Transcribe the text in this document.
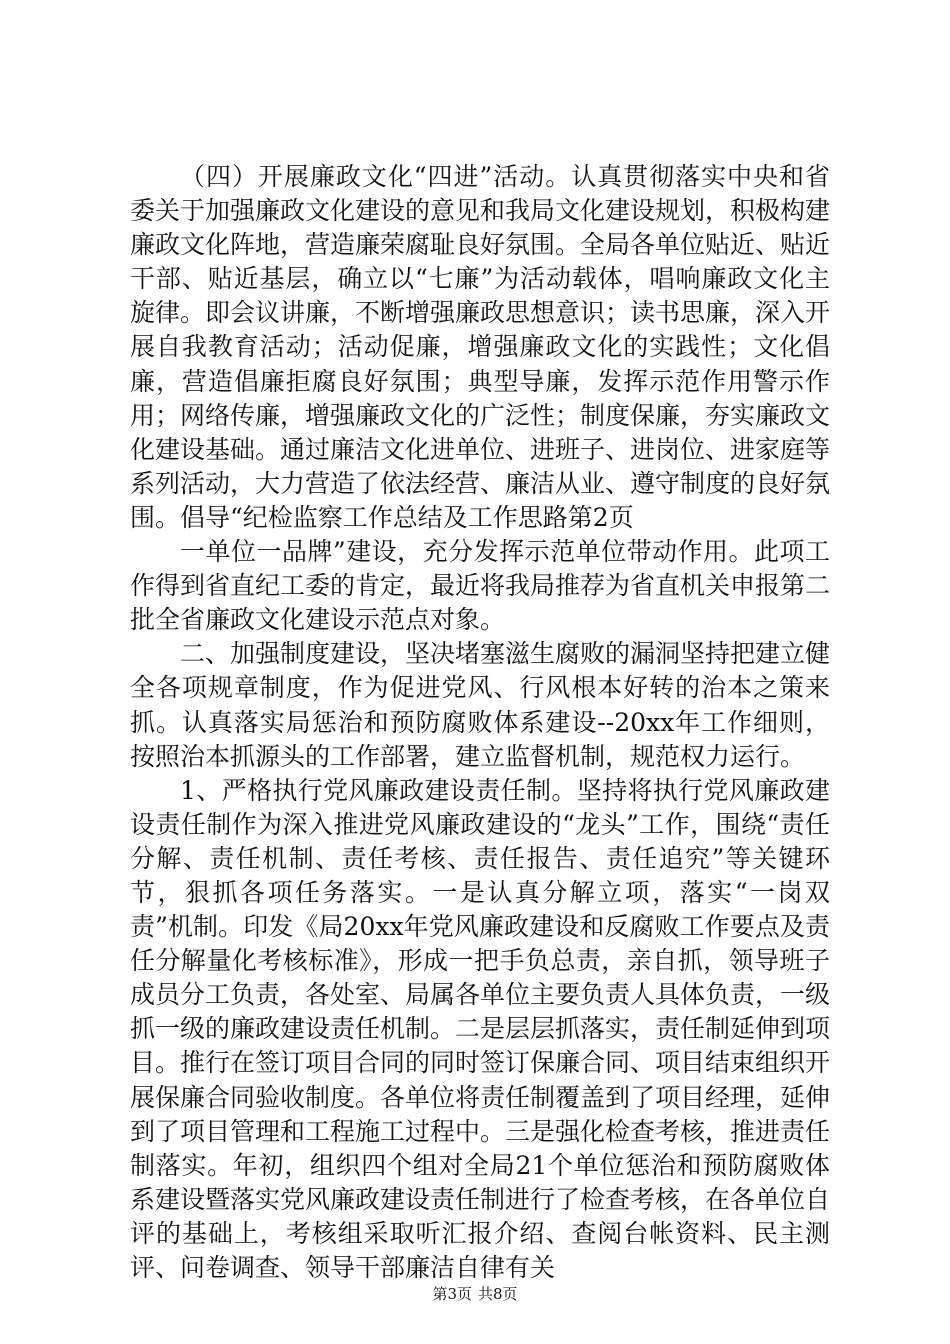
（四）开展廉政文化“四进”活动。认真贯彻落实中央和省委关于加强廉政文化建设的意见和我局文化建设规划，积极构建廉政文化阵地，营造廉荣腐耻良好氛围。全局各单位贴近、贴近干部、贴近基层，确立以“七廉”为活动载体，唱响廉政文化主旋律。即会议讲廉，不断增强廉政思想意识；读书思廉，深入开展自我教育活动；活动促廉，增强廉政文化的实践性；文化倡廉，营造倡廉拒腐良好氛围；典型导廉，发挥示范作用警示作用；网络传廉，增强廉政文化的广泛性；制度保廉，夯实廉政文化建设基础。通过廉洁文化进单位、进班子、进岗位、进家庭等系列活动，大力营造了依法经营、廉洁从业、遵守制度的良好氛围。倡导“纪检监察工作总结及工作思路第2页

一单位一品牌”建设，充分发挥示范单位带动作用。此项工作得到省直纪工委的肯定，最近将我局推荐为省直机关申报第二批全省廉政文化建设示范点对象。

二、加强制度建设，坚决堵塞滋生腐败的漏洞坚持把建立健全各项规章制度，作为促进党风、行风根本好转的治本之策来抓。认真落实局惩治和预防腐败体系建设--20xx年工作细则，按照治本抓源头的工作部署，建立监督机制，规范权力运行。

1、严格执行党风廉政建设责任制。坚持将执行党风廉政建设责任制作为深入推进党风廉政建设的“龙头”工作，围绕“责任分解、责任机制、责任考核、责任报告、责任追究”等关键环节，狠抓各项任务落实。一是认真分解立项，落实“一岗双责”机制。印发《局20xx年党风廉政建设和反腐败工作要点及责任分解量化考核标准》，形成一把手负总责，亲自抓，领导班子成员分工负责，各处室、局属各单位主要负责人具体负责，一级抓一级的廉政建设责任机制。二是层层抓落实，责任制延伸到项目。推行在签订项目合同的同时签订保廉合同、项目结束组织开展保廉合同验收制度。各单位将责任制覆盖到了项目经理，延伸到了项目管理和工程施工过程中。三是强化检查考核，推进责任制落实。年初，组织四个组对全局21个单位惩治和预防腐败体系建设暨落实党风廉政建设责任制进行了检查考核，在各单位自评的基础上，考核组采取听汇报介绍、查阅台帐资料、民主测评、问卷调查、领导干部廉洁自律有关

第3页 共8页
